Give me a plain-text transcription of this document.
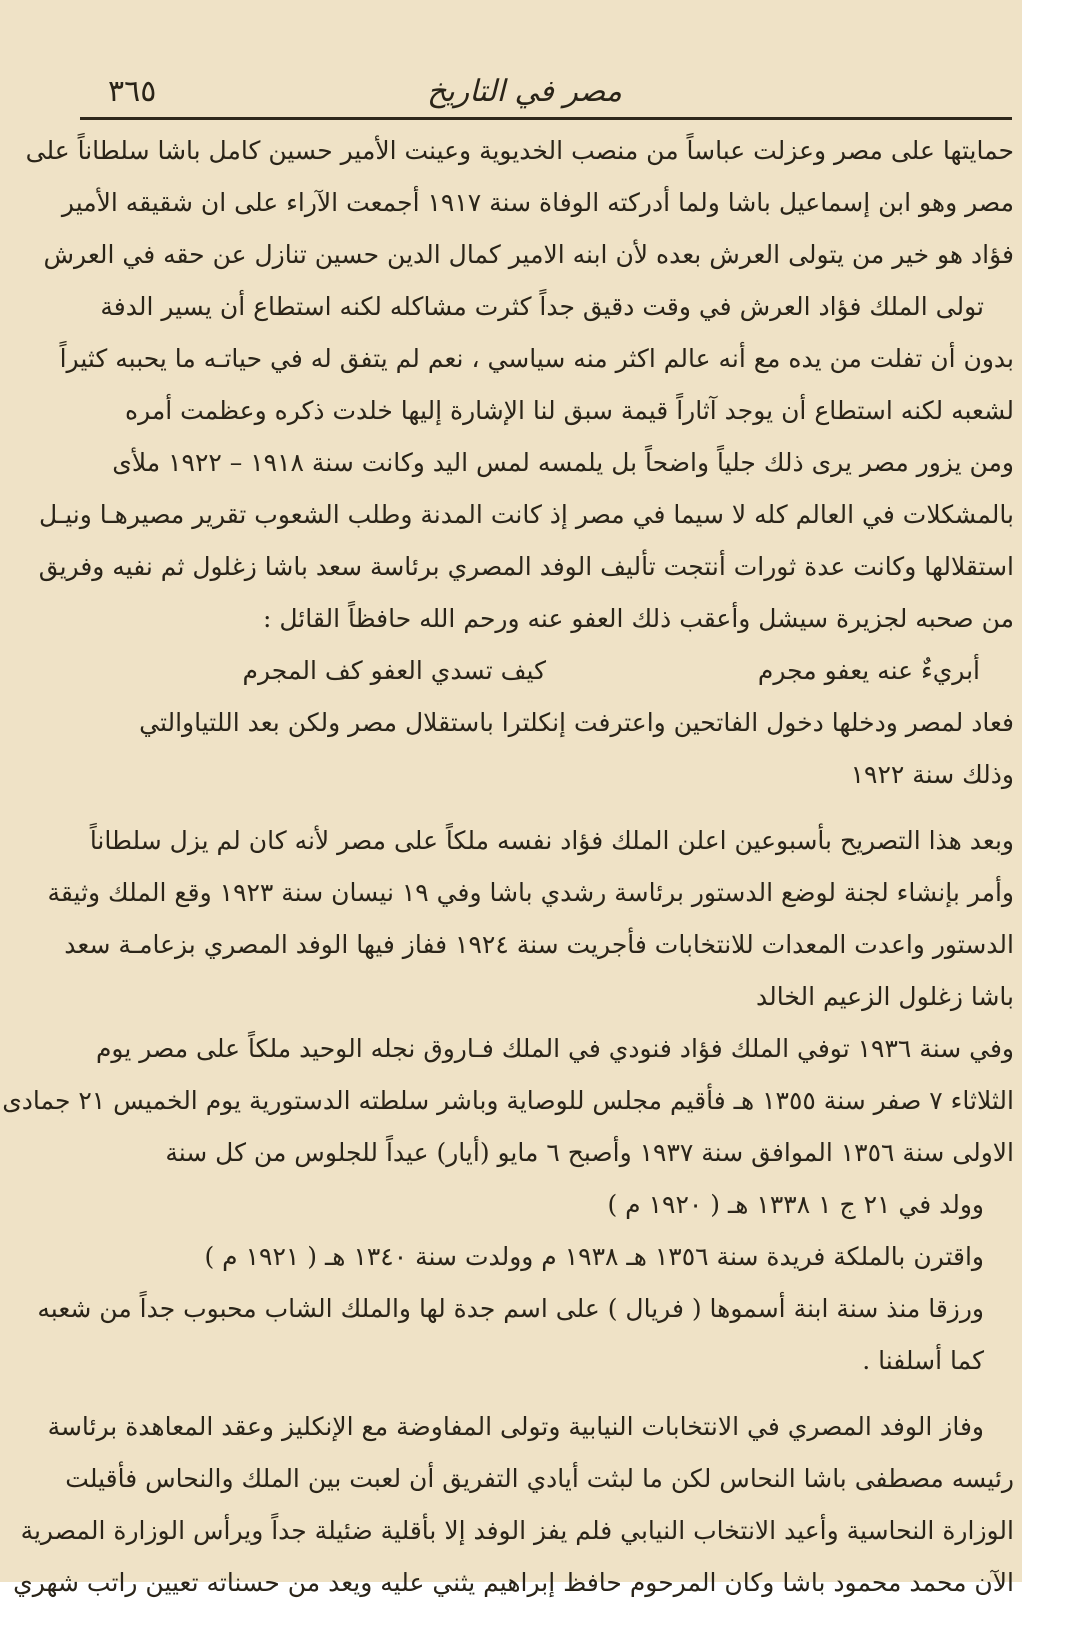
مصر في التاريخ
٣٦٥
حمايتها على مصر وعزلت عباساً من منصب الخديوية وعينت الأمير حسين كامل باشا سلطاناً على
مصر وهو ابن إسماعيل باشا ولما أدركته الوفاة سنة ١٩١٧ أجمعت الآراء على ان شقيقه الأمير
فؤاد هو خير من يتولى العرش بعده لأن ابنه الامير كمال الدين حسين تنازل عن حقه في العرش
تولى الملك فؤاد العرش في وقت دقيق جداً كثرت مشاكله لكنه استطاع أن يسير الدفة
بدون أن تفلت من يده مع أنه عالم اكثر منه سياسي ، نعم لم يتفق له في حياتـه ما يحببه كثيراً
لشعبه لكنه استطاع أن يوجد آثاراً قيمة سبق لنا الإشارة إليها خلدت ذكره وعظمت أمره
ومن يزور مصر يرى ذلك جلياً واضحاً بل يلمسه لمس اليد وكانت سنة ١٩١٨ – ١٩٢٢ ملأى
بالمشكلات في العالم كله لا سيما في مصر إذ كانت المدنة وطلب الشعوب تقرير مصيرهـا ونيـل
استقلالها وكانت عدة ثورات أنتجت تأليف الوفد المصري برئاسة سعد باشا زغلول ثم نفيه وفريق
من صحبه لجزيرة سيشل وأعقب ذلك العفو عنه ورحم الله حافظاً القائل :
أبريءٌ عنه يعفو مجرم
كيف تسدي العفو كف المجرم
فعاد لمصر ودخلها دخول الفاتحين واعترفت إنكلترا باستقلال مصر ولكن بعد اللتياوالتي
وذلك سنة ١٩٢٢
وبعد هذا التصريح بأسبوعين اعلن الملك فؤاد نفسه ملكاً على مصر لأنه كان لم يزل سلطاناً
وأمر بإنشاء لجنة لوضع الدستور برئاسة رشدي باشا وفي ١٩ نيسان سنة ١٩٢٣ وقع الملك وثيقة
الدستور واعدت المعدات للانتخابات فأجريت سنة ١٩٢٤ ففاز فيها الوفد المصري بزعامـة سعد
باشا زغلول الزعيم الخالد
وفي سنة ١٩٣٦ توفي الملك فؤاد فنودي في الملك فـاروق نجله الوحيد ملكاً على مصر يوم
الثلاثاء ٧ صفر سنة ١٣٥٥ هـ فأقيم مجلس للوصاية وباشر سلطته الدستورية يوم الخميس ٢١ جمادى
الاولى سنة ١٣٥٦ الموافق سنة ١٩٣٧ وأصبح ٦ مايو (أيار) عيداً للجلوس من كل سنة
وولد في ٢١ ج ١ ١٣٣٨ هـ ( ١٩٢٠ م )
واقترن بالملكة فريدة سنة ١٣٥٦ هـ ١٩٣٨ م وولدت سنة ١٣٤٠ هـ ( ١٩٢١ م )
ورزقا منذ سنة ابنة أسموها ( فريال ) على اسم جدة لها والملك الشاب محبوب جداً من شعبه
كما أسلفنا .
وفاز الوفد المصري في الانتخابات النيابية وتولى المفاوضة مع الإنكليز وعقد المعاهدة برئاسة
رئيسه مصطفى باشا النحاس لكن ما لبثت أيادي التفريق أن لعبت بين الملك والنحاس فأقيلت
الوزارة النحاسية وأعيد الانتخاب النيابي فلم يفز الوفد إلا بأقلية ضئيلة جداً ويرأس الوزارة المصرية
الآن محمد محمود باشا وكان المرحوم حافظ إبراهيم يثني عليه ويعد من حسناته تعيين راتب شهري
